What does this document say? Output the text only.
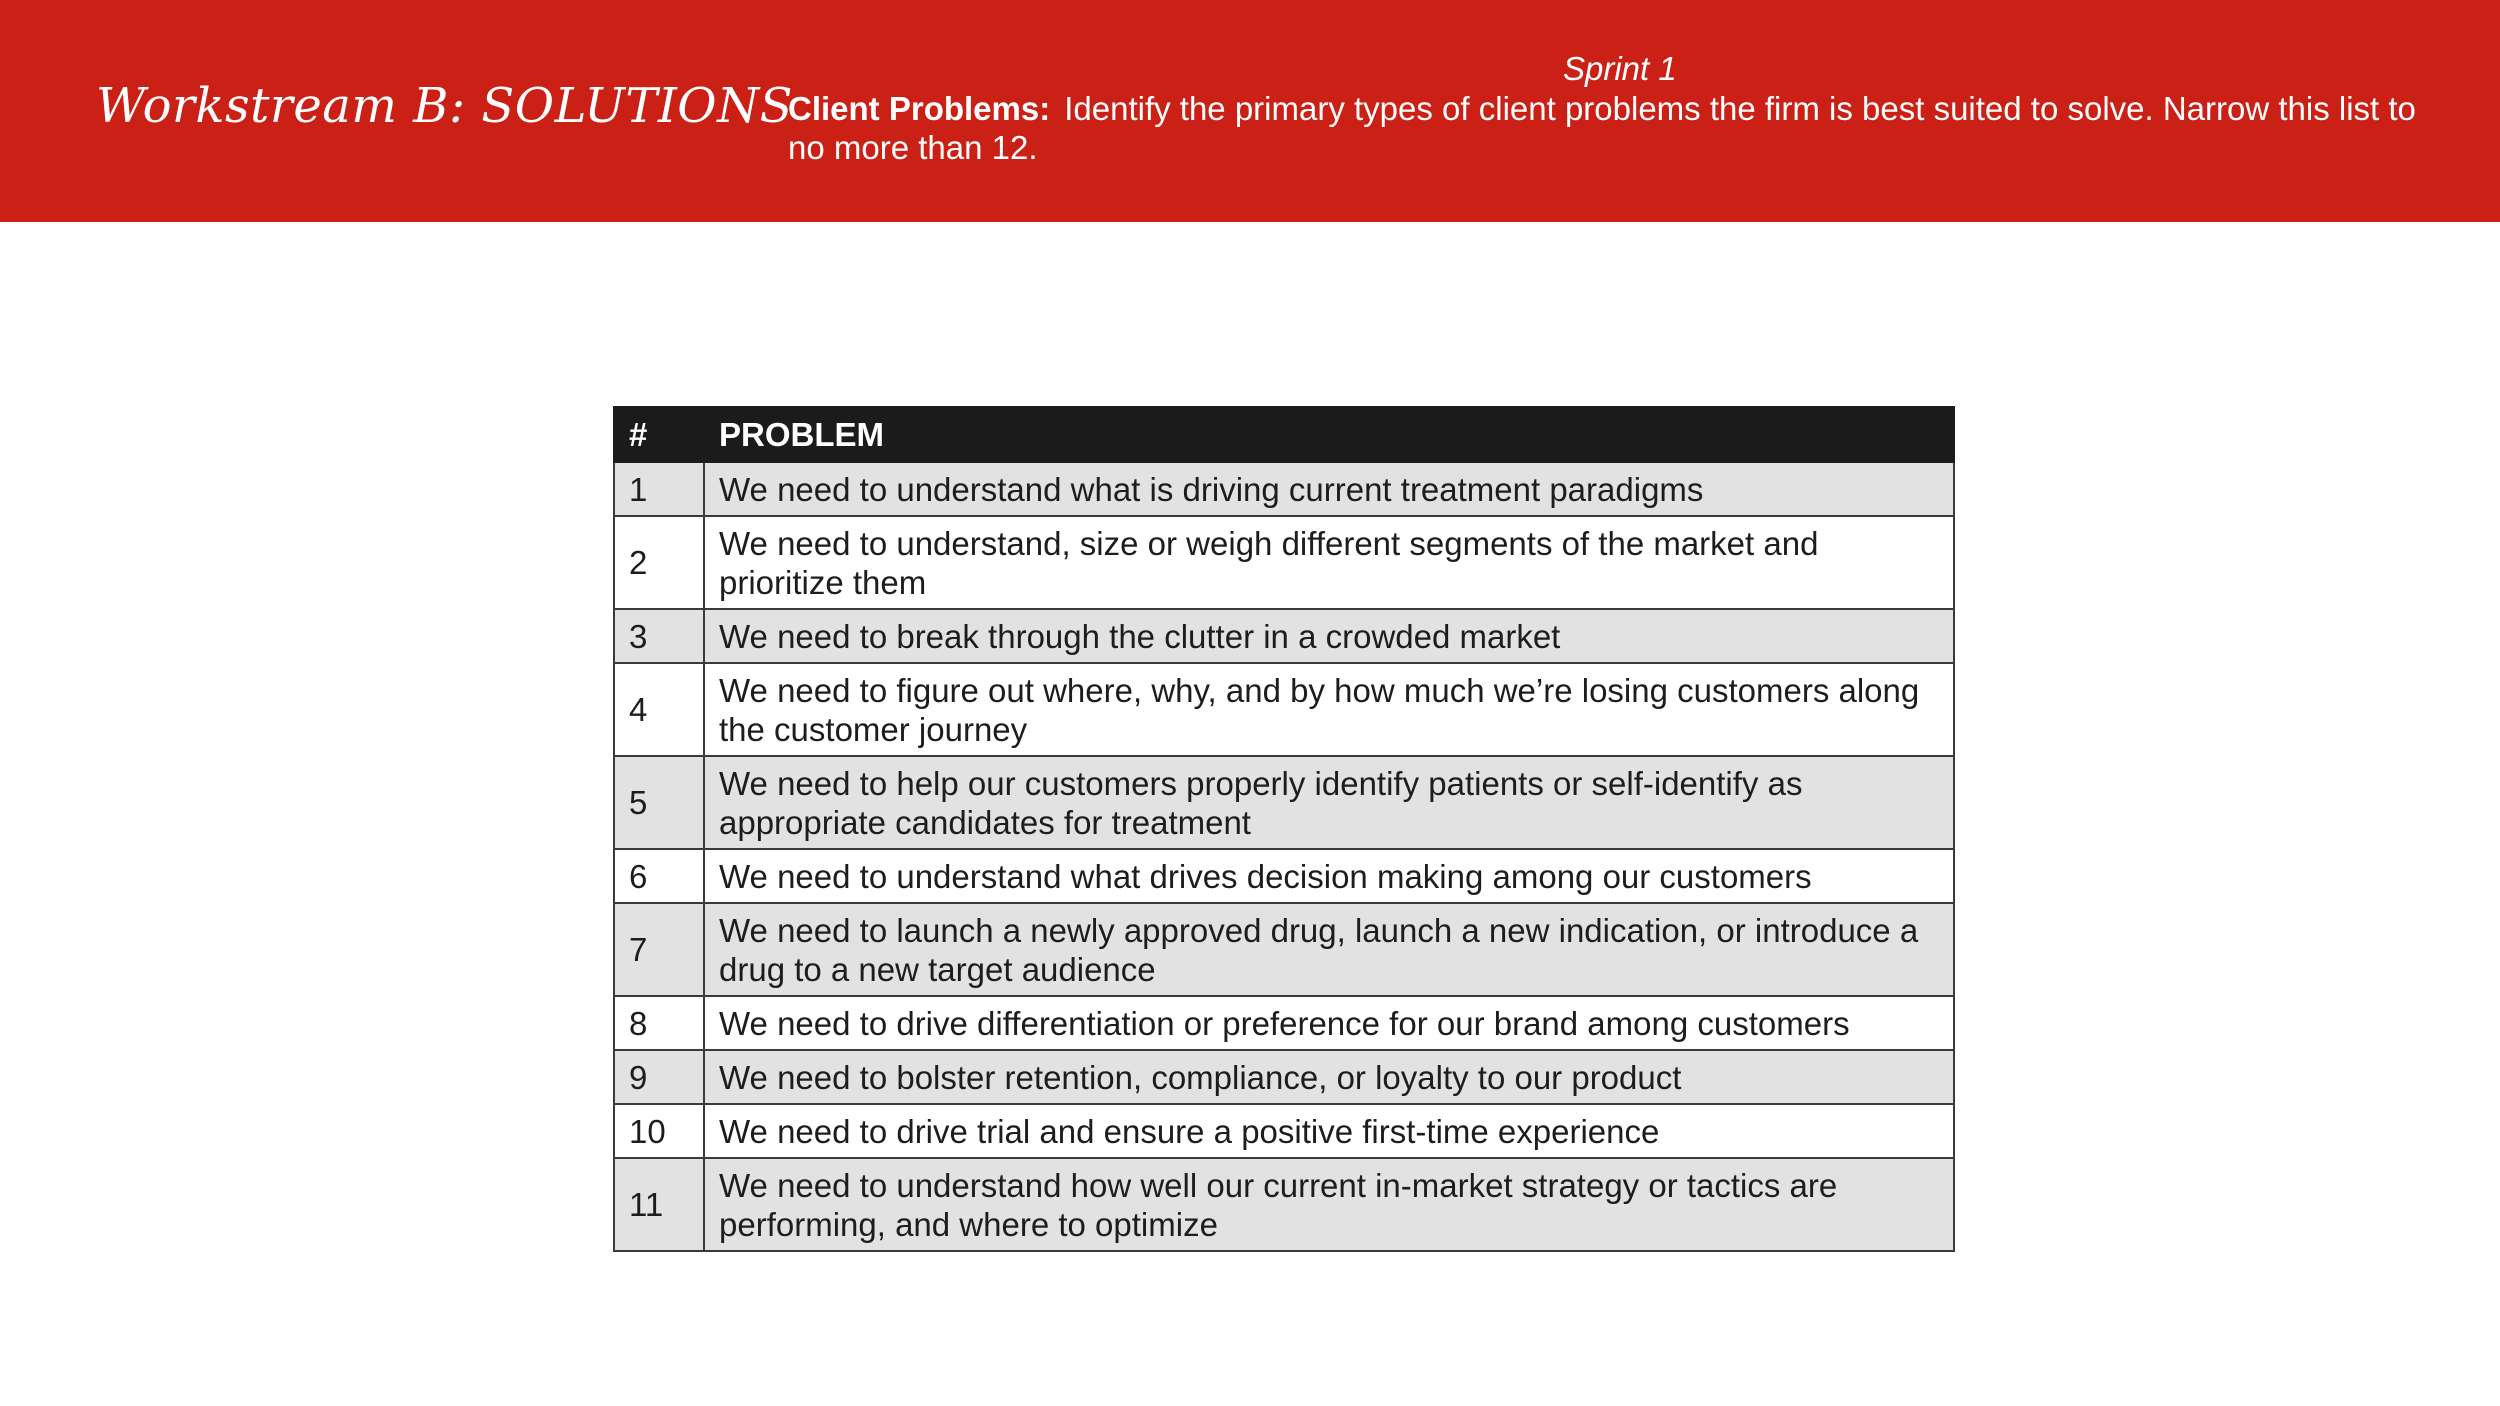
Workstream B: SOLUTIONS
Sprint 1
Client Problems: Identify the primary types of client problems the firm is best suited to solve. Narrow this list to no more than 12.
#	PROBLEM
1	We need to understand what is driving current treatment paradigms
2	We need to understand, size or weigh different segments of the market and prioritize them
3	We need to break through the clutter in a crowded market
4	We need to figure out where, why, and by how much we’re losing customers along the customer journey
5	We need to help our customers properly identify patients or self-identify as appropriate candidates for treatment
6	We need to understand what drives decision making among our customers
7	We need to launch a newly approved drug, launch a new indication, or introduce a drug to a new target audience
8	We need to drive differentiation or preference for our brand among customers
9	We need to bolster retention, compliance, or loyalty to our product
10	We need to drive trial and ensure a positive first-time experience
11	We need to understand how well our current in-market strategy or tactics are performing, and where to optimize
